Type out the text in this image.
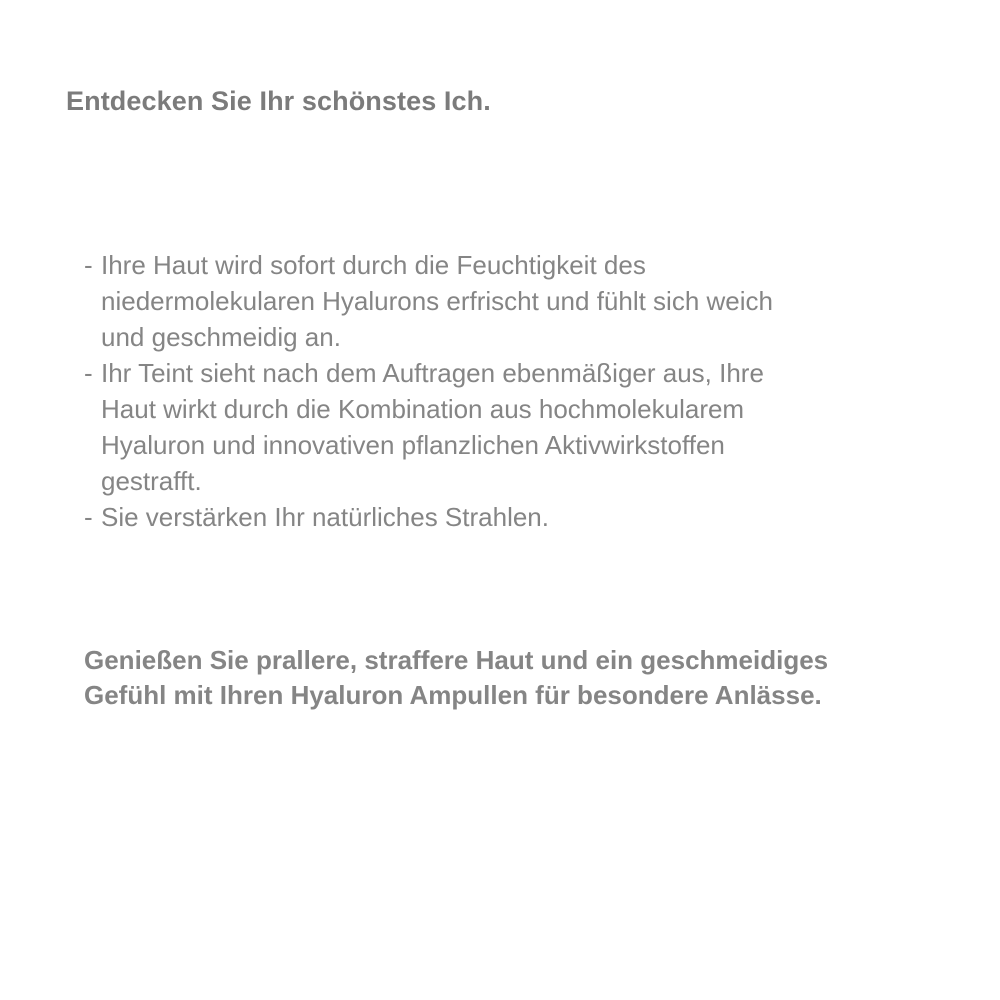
Entdecken Sie Ihr schönstes Ich.
- Ihre Haut wird sofort durch die Feuchtigkeit des
niedermolekularen Hyalurons erfrischt und fühlt sich weich
und geschmeidig an.
- Ihr Teint sieht nach dem Auftragen ebenmäßiger aus, Ihre
Haut wirkt durch die Kombination aus hochmolekularem
Hyaluron und innovativen pflanzlichen Aktivwirkstoffen
gestrafft.
- Sie verstärken Ihr natürliches Strahlen.

Genießen Sie prallere, straffere Haut und ein geschmeidiges
Gefühl mit Ihren Hyaluron Ampullen für besondere Anlässe.
